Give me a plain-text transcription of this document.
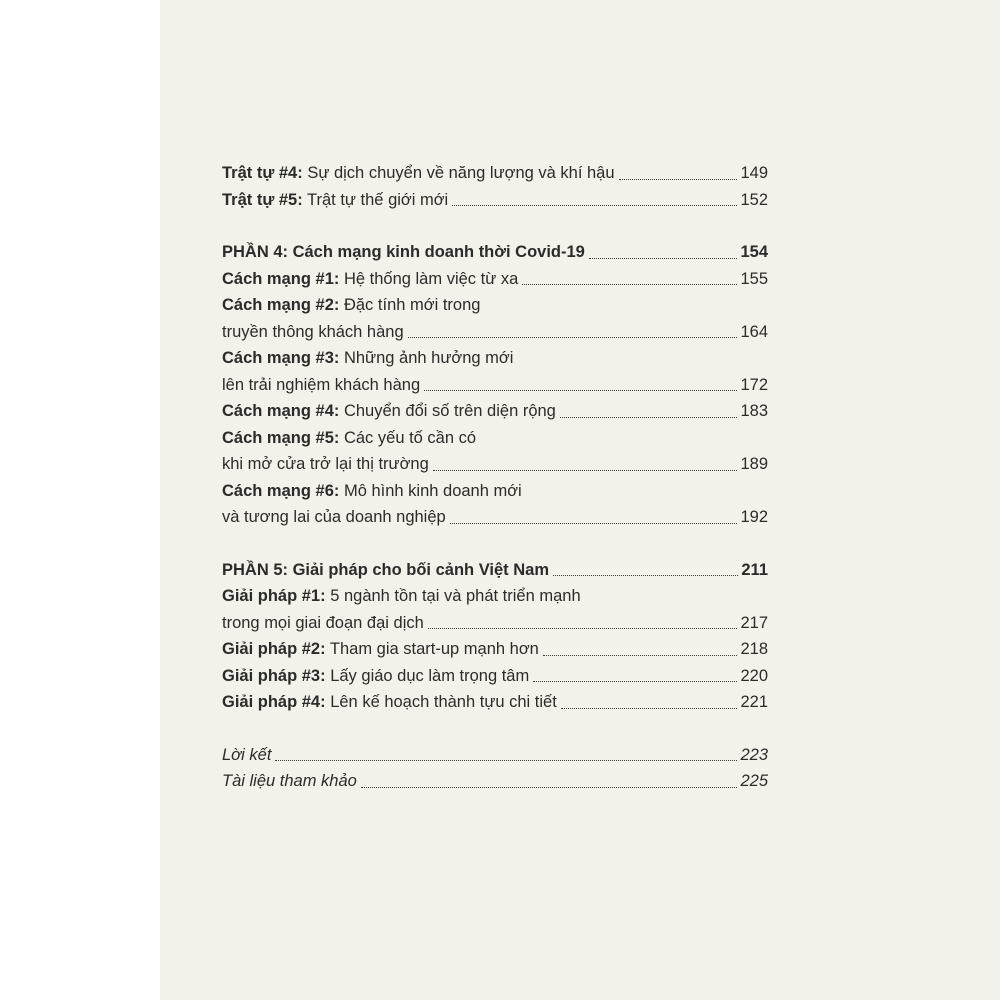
Trật tự #4: Sự dịch chuyển về năng lượng và khí hậu	149
Trật tự #5: Trật tự thế giới mới	152
PHẦN 4: Cách mạng kinh doanh thời Covid-19	154
Cách mạng #1: Hệ thống làm việc từ xa	155
Cách mạng #2: Đặc tính mới trong
truyền thông khách hàng	164
Cách mạng #3: Những ảnh hưởng mới
lên trải nghiệm khách hàng	172
Cách mạng #4: Chuyển đổi số trên diện rộng	183
Cách mạng #5: Các yếu tố cần có
khi mở cửa trở lại thị trường	189
Cách mạng #6: Mô hình kinh doanh mới
và tương lai của doanh nghiệp	192
PHẦN 5: Giải pháp cho bối cảnh Việt Nam	211
Giải pháp #1: 5 ngành tồn tại và phát triển mạnh
trong mọi giai đoạn đại dịch	217
Giải pháp #2: Tham gia start-up mạnh hơn	218
Giải pháp #3: Lấy giáo dục làm trọng tâm	220
Giải pháp #4: Lên kế hoạch thành tựu chi tiết	221
Lời kết	223
Tài liệu tham khảo	225
